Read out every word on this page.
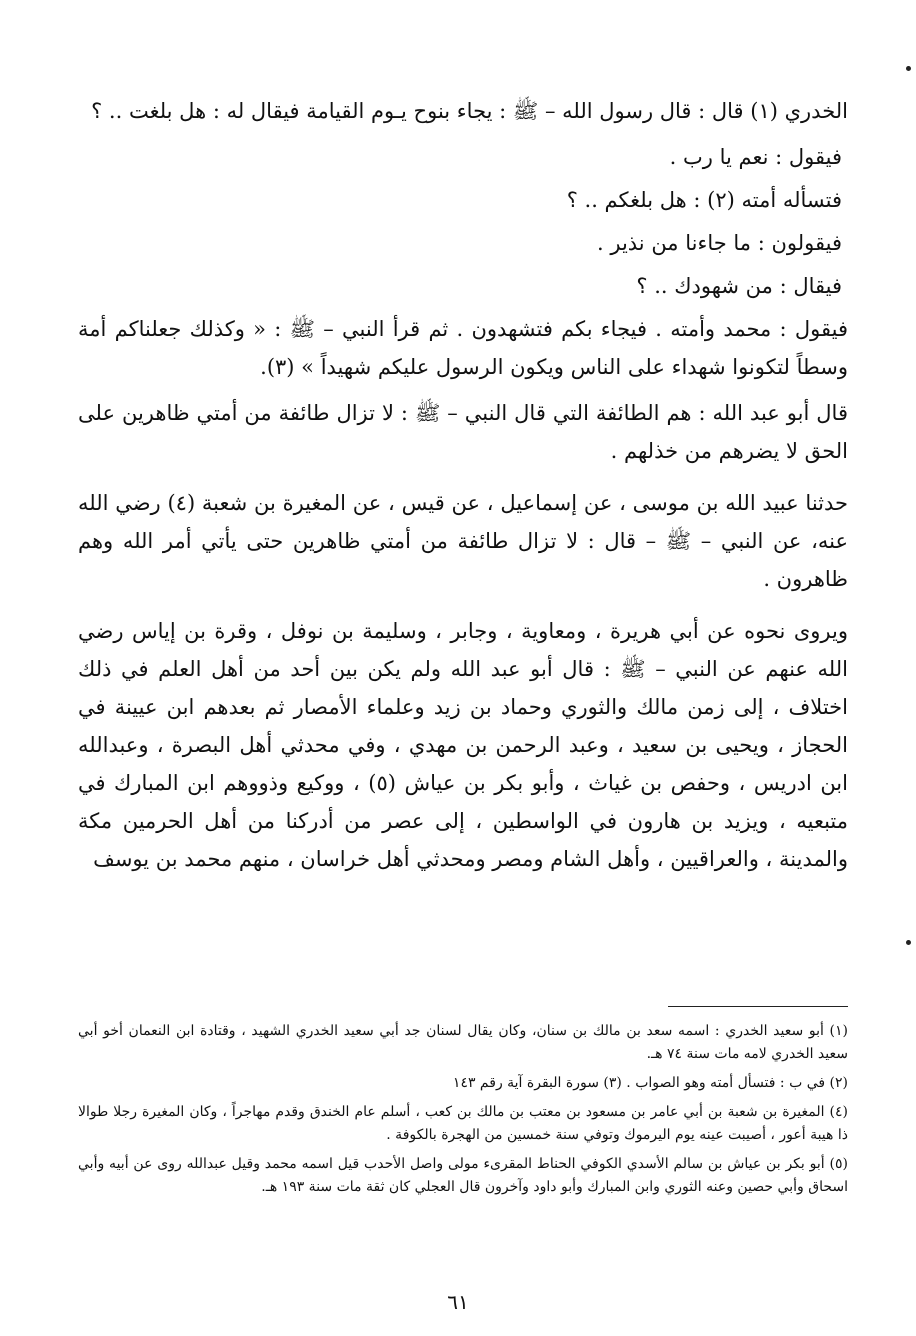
الخدري (١) قال : قال رسول الله – ﷺ : يجاء بنوح يـوم القيامة فيقال له : هل بلغت .. ؟

فيقول : نعم يا رب .

فتسأله أمته (٢) : هل بلغكم .. ؟

فيقولون : ما جاءنا من نذير .

فيقال : من شهودك .. ؟

فيقول : محمد وأمته . فيجاء بكم فتشهدون . ثم قرأ النبي – ﷺ : « وكذلك جعلناكم أمة وسطاً لتكونوا شهداء على الناس ويكون الرسول عليكم شهيداً » (٣).

قال أبو عبد الله : هم الطائفة التي قال النبي – ﷺ : لا تزال طائفة من أمتي ظاهرين على الحق لا يضرهم من خذلهم .

حدثنا عبيد الله بن موسى ، عن إسماعيل ، عن قيس ، عن المغيرة بن شعبة (٤) رضي الله عنه، عن النبي – ﷺ – قال : لا تزال طائفة من أمتي ظاهرين حتى يأتي أمر الله وهم ظاهرون .

ويروى نحوه عن أبي هريرة ، ومعاوية ، وجابر ، وسليمة بن نوفل ، وقرة بن إياس رضي الله عنهم عن النبي – ﷺ : قال أبو عبد الله ولم يكن بين أحد من أهل العلم في ذلك اختلاف ، إلى زمن مالك والثوري وحماد بن زيد وعلماء الأمصار ثم بعدهم ابن عيينة في الحجاز ، ويحيى بن سعيد ، وعبد الرحمن بن مهدي ، وفي محدثي أهل البصرة ، وعبدالله ابن ادريس ، وحفص بن غياث ، وأبو بكر بن عياش (٥) ، ووكيع وذووهم ابن المبارك في متبعيه ، ويزيد بن هارون في الواسطين ، إلى عصر من أدركنا من أهل الحرمين مكة والمدينة ، والعراقيين ، وأهل الشام ومصر ومحدثي أهل خراسان ، منهم محمد بن يوسف

(١) أبو سعيد الخدري : اسمه سعد بن مالك بن سنان، وكان يقال لسنان جد أبي سعيد الخدري الشهيد ، وقتادة ابن النعمان أخو أبي سعيد الخدري لامه مات سنة ٧٤ هـ.

(٢) في ب : فتسأل أمته وهو الصواب . (٣) سورة البقرة آية رقم ١٤٣

(٤) المغيرة بن شعبة بن أبي عامر بن مسعود بن معتب بن مالك بن كعب ، أسلم عام الخندق وقدم مهاجراً ، وكان المغيرة رجلا طوالا ذا هيبة أعور ، أصيبت عينه يوم اليرموك وتوفي سنة خمسين من الهجرة بالكوفة .

(٥) أبو بكر بن عياش بن سالم الأسدي الكوفي الحناط المقرىء مولى واصل الأحدب قيل اسمه محمد وقيل عبدالله روى عن أبيه وأبي اسحاق وأبي حصين وعنه الثوري وابن المبارك وأبو داود وآخرون قال العجلي كان ثقة مات سنة ١٩٣ هـ.

٦١
